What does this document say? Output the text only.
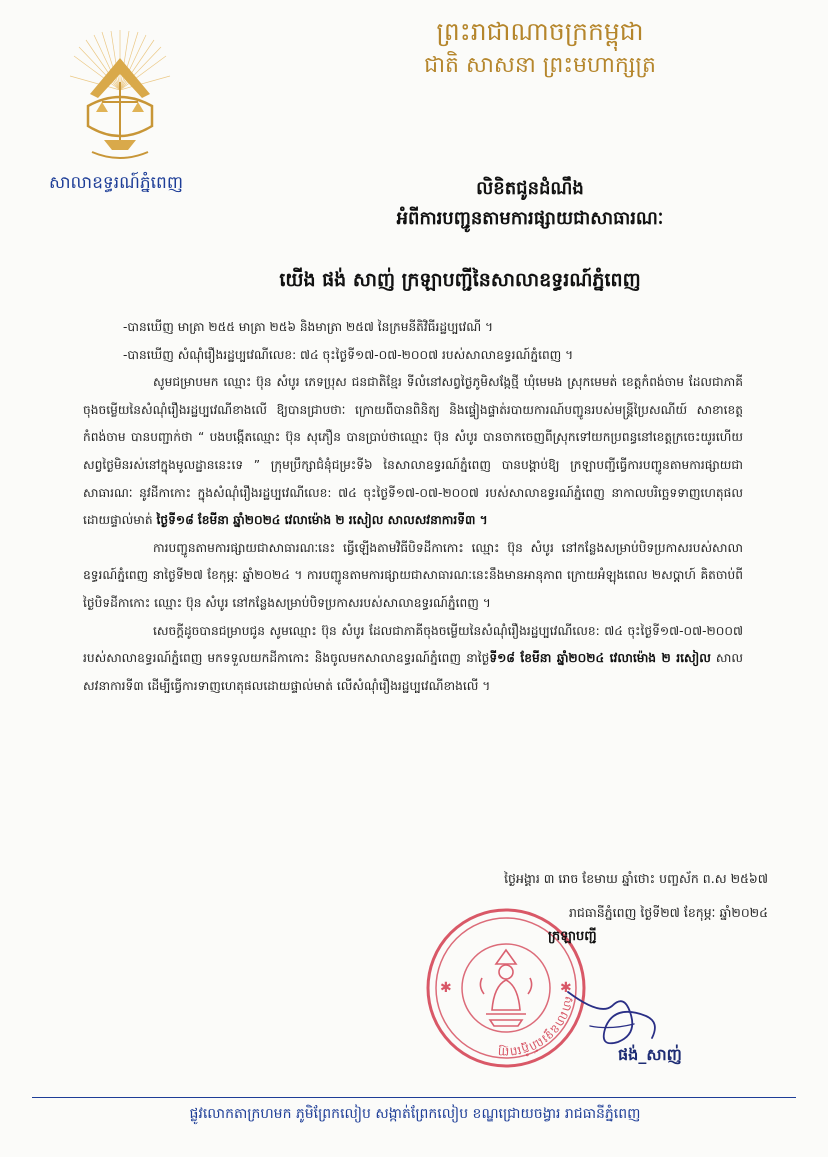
សាលាឧទ្ធរណ៍ភ្នំពេញ
ព្រះរាជាណាចក្រកម្ពុជា
ជាតិ សាសនា ព្រះមហាក្សត្រ
លិខិតជូនដំណឹង
អំពីការបញ្ជូនតាមការផ្សាយជាសាធារណៈ
យើង ផង់ សាញ់ ក្រឡាបញ្ជីនៃសាលាឧទ្ធរណ៍ភ្នំពេញ

-បានឃើញ មាត្រា ២៥៥ មាត្រា ២៥៦ និងមាត្រា ២៥៧ នៃក្រមនីតិវិធីរដ្ឋប្បវេណី ។

-បានឃើញ សំណុំរឿងរដ្ឋប្បវេណីលេខ: ៧៤ ចុះថ្ងៃទី១៧-០៧-២០០៧ របស់សាលាឧទ្ធរណ៍ភ្នំពេញ ។

សូមជម្រាបមក ឈ្មោះ ប៊ុន សំបូរ ភេទប្រុស ជនជាតិខ្មែរ ទីលំនៅសព្វថ្ងៃភូមិសង្កែថ្មី ឃុំមេមង ស្រុកមេមត់ ខេត្តកំពង់ចាម ដែលជាភាគីចុងចម្លើយនៃសំណុំរឿងរដ្ឋប្បវេណីខាងលើ ឱ្យបានជ្រាបថាៈ ក្រោយពីបានពិនិត្យ និងផ្ទៀងផ្ទាត់របាយការណ៍បញ្ជូនរបស់មន្ត្រីប្រៃសណីយ៍ សាខាខេត្តកំពង់ចាម បានបញ្ជាក់ថា “ បងបង្កើតឈ្មោះ ប៊ុន សុភឿន បានប្រាប់ថាឈ្មោះ ប៊ុន សំបូរ បានចាកចេញពីស្រុកទៅយកប្រពន្ធនៅខេត្តក្រចេះយូរហើយ សព្វថ្ងៃមិនរស់នៅក្នុងមូលដ្ឋាននេះទេ ” ក្រុមប្រឹក្សាជំនុំជម្រះទី៦ នៃសាលាឧទ្ធរណ៍ភ្នំពេញ បានបង្គាប់ឱ្យ ក្រឡាបញ្ជីធ្វើការបញ្ជូនតាមការផ្សាយជាសាធារណៈ នូវដីកាកោះ ក្នុងសំណុំរឿងរដ្ឋប្បវេណីលេខ: ៧៤ ចុះថ្ងៃទី១៧-០៧-២០០៧ របស់សាលាឧទ្ធរណ៍ភ្នំពេញ នាកាលបរិច្ឆេទទាញហេតុផលដោយផ្ទាល់មាត់ ថ្ងៃទី១៨ ខែមីនា ឆ្នាំ២០២៤ វេលាម៉ោង ២ រសៀល សាលសវនាការទី៣ ។

ការបញ្ជូនតាមការផ្សាយជាសាធារណៈនេះ ធ្វើឡើងតាមវិធីបិទដីកាកោះ ឈ្មោះ ប៊ុន សំបូរ នៅកន្លែងសម្រាប់បិទប្រកាសរបស់សាលាឧទ្ធរណ៍ភ្នំពេញ នាថ្ងៃទី២៧ ខែកុម្ភៈ ឆ្នាំ២០២៤ ។ ការបញ្ជូនតាមការផ្សាយជាសាធារណៈនេះនឹងមានអានុភាព ក្រោយអំឡុងពេល ២សប្តាហ៍ គិតចាប់ពីថ្ងៃបិទដីកាកោះ ឈ្មោះ ប៊ុន សំបូរ នៅកន្លែងសម្រាប់បិទប្រកាសរបស់សាលាឧទ្ធរណ៍ភ្នំពេញ ។

សេចក្តីដូចបានជម្រាបជូន សូមឈ្មោះ ប៊ុន សំបូរ ដែលជាភាគីចុងចម្លើយនៃសំណុំរឿងរដ្ឋប្បវេណីលេខ: ៧៤ ចុះថ្ងៃទី១៧-០៧-២០០៧ របស់សាលាឧទ្ធរណ៍ភ្នំពេញ មកទទួលយកដីកាកោះ និងចូលមកសាលាឧទ្ធរណ៍ភ្នំពេញ នាថ្ងៃទី១៨ ខែមីនា ឆ្នាំ២០២៤ វេលាម៉ោង ២ រសៀល សាលសវនាការទី៣ ដើម្បីធ្វើការទាញហេតុផលដោយផ្ទាល់មាត់ លើសំណុំរឿងរដ្ឋប្បវេណីខាងលើ ។

ថ្ងៃអង្គារ ៣ រោច ខែមាឃ ឆ្នាំថោះ បញ្ចស័ក ព.ស ២៥៦៧
រាជធានីភ្នំពេញ ថ្ងៃទី២៧ ខែកុម្ភៈ ឆ្នាំ២០២៤
សាលាឧទ្ធរណ៍ភ្នំពេញ
✱	✱
ក្រឡាបញ្ជី
ផង់_សាញ់
ផ្លូវលោកតាក្រហមក ភូមិព្រែកលៀប សង្កាត់ព្រែកលៀប ខណ្ឌជ្រោយចង្វារ រាជធានីភ្នំពេញ
